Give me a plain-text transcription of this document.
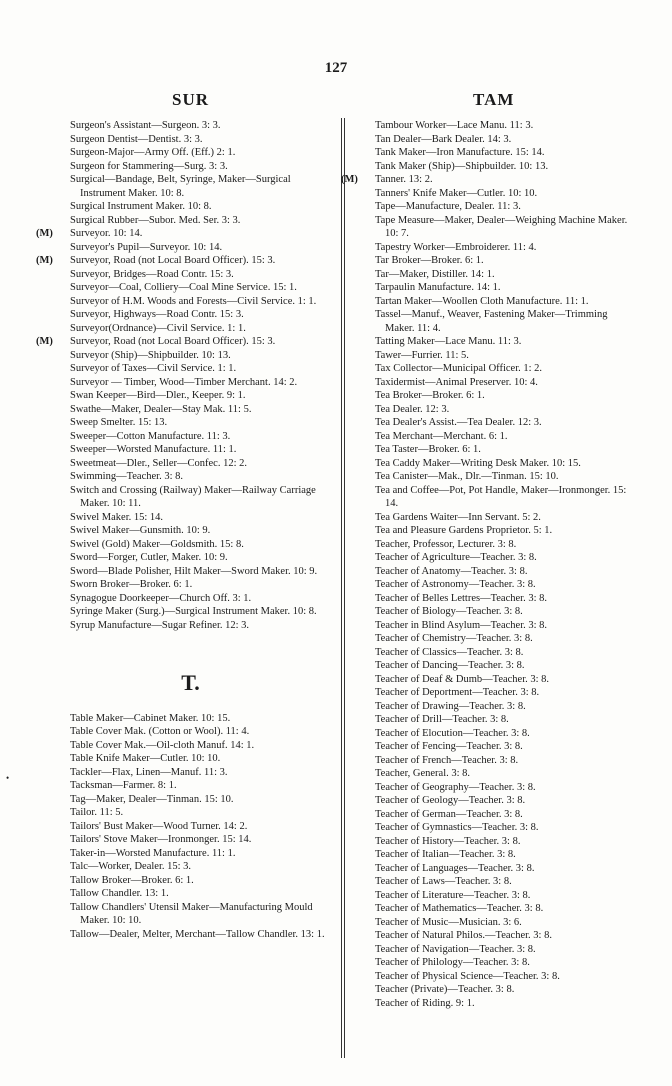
127
SUR	TAM
•
Surgeon's Assistant—Surgeon. 3: 3.
Surgeon Dentist—Dentist. 3: 3.
Surgeon-Major—Army Off. (Eff.) 2: 1.
Surgeon for Stammering—Surg. 3: 3.
Surgical—Bandage, Belt, Syringe, Maker—Surgical Instrument Maker. 10: 8.
Surgical Instrument Maker. 10: 8.
Surgical Rubber—Subor. Med. Ser. 3: 3.
(M) Surveyor. 10: 14.
Surveyor's Pupil—Surveyor. 10: 14.
(M) Surveyor, Road (not Local Board Officer). 15: 3.
Surveyor, Bridges—Road Contr. 15: 3.
Surveyor—Coal, Colliery—Coal Mine Service. 15: 1.
Surveyor of H.M. Woods and Forests—Civil Service. 1: 1.
Surveyor, Highways—Road Contr. 15: 3.
Surveyor(Ordnance)—Civil Service. 1: 1.
(M) Surveyor, Road (not Local Board Officer). 15: 3.
Surveyor (Ship)—Shipbuilder. 10: 13.
Surveyor of Taxes—Civil Service. 1: 1.
Surveyor — Timber, Wood—Timber Merchant. 14: 2.
Swan Keeper—Bird—Dler., Keeper. 9: 1.
Swathe—Maker, Dealer—Stay Mak. 11: 5.
Sweep Smelter. 15: 13.
Sweeper—Cotton Manufacture. 11: 3.
Sweeper—Worsted Manufacture. 11: 1.
Sweetmeat—Dler., Seller—Confec. 12: 2.
Swimming—Teacher. 3: 8.
Switch and Crossing (Railway) Maker—Railway Carriage Maker. 10: 11.
Swivel Maker. 15: 14.
Swivel Maker—Gunsmith. 10: 9.
Swivel (Gold) Maker—Goldsmith. 15: 8.
Sword—Forger, Cutler, Maker. 10: 9.
Sword—Blade Polisher, Hilt Maker—Sword Maker. 10: 9.
Sworn Broker—Broker. 6: 1.
Synagogue Doorkeeper—Church Off. 3: 1.
Syringe Maker (Surg.)—Surgical Instrument Maker. 10: 8.
Syrup Manufacture—Sugar Refiner. 12: 3.
T.
Table Maker—Cabinet Maker. 10: 15.
Table Cover Mak. (Cotton or Wool). 11: 4.
Table Cover Mak.—Oil-cloth Manuf. 14: 1.
Table Knife Maker—Cutler. 10: 10.
Tackler—Flax, Linen—Manuf. 11: 3.
Tacksman—Farmer. 8: 1.
Tag—Maker, Dealer—Tinman. 15: 10.
Tailor. 11: 5.
Tailors' Bust Maker—Wood Turner. 14: 2.
Tailors' Stove Maker—Ironmonger. 15: 14.
Taker-in—Worsted Manufacture. 11: 1.
Talc—Worker, Dealer. 15: 3.
Tallow Broker—Broker. 6: 1.
Tallow Chandler. 13: 1.
Tallow Chandlers' Utensil Maker—Manufacturing Mould Maker. 10: 10.
Tallow—Dealer, Melter, Merchant—Tallow Chandler. 13: 1.
Tambour Worker—Lace Manu. 11: 3.
Tan Dealer—Bark Dealer. 14: 3.
Tank Maker—Iron Manufacture. 15: 14.
Tank Maker (Ship)—Shipbuilder. 10: 13.
(M) Tanner. 13: 2.
Tanners' Knife Maker—Cutler. 10: 10.
Tape—Manufacture, Dealer. 11: 3.
Tape Measure—Maker, Dealer—Weighing Machine Maker. 10: 7.
Tapestry Worker—Embroiderer. 11: 4.
Tar Broker—Broker. 6: 1.
Tar—Maker, Distiller. 14: 1.
Tarpaulin Manufacture. 14: 1.
Tartan Maker—Woollen Cloth Manufacture. 11: 1.
Tassel—Manuf., Weaver, Fastening Maker—Trimming Maker. 11: 4.
Tatting Maker—Lace Manu. 11: 3.
Tawer—Furrier. 11: 5.
Tax Collector—Municipal Officer. 1: 2.
Taxidermist—Animal Preserver. 10: 4.
Tea Broker—Broker. 6: 1.
Tea Dealer. 12: 3.
Tea Dealer's Assist.—Tea Dealer. 12: 3.
Tea Merchant—Merchant. 6: 1.
Tea Taster—Broker. 6: 1.
Tea Caddy Maker—Writing Desk Maker. 10: 15.
Tea Canister—Mak., Dlr.—Tinman. 15: 10.
Tea and Coffee—Pot, Pot Handle, Maker—Ironmonger. 15: 14.
Tea Gardens Waiter—Inn Servant. 5: 2.
Tea and Pleasure Gardens Proprietor. 5: 1.
Teacher, Professor, Lecturer. 3: 8.
Teacher of Agriculture—Teacher. 3: 8.
Teacher of Anatomy—Teacher. 3: 8.
Teacher of Astronomy—Teacher. 3: 8.
Teacher of Belles Lettres—Teacher. 3: 8.
Teacher of Biology—Teacher. 3: 8.
Teacher in Blind Asylum—Teacher. 3: 8.
Teacher of Chemistry—Teacher. 3: 8.
Teacher of Classics—Teacher. 3: 8.
Teacher of Dancing—Teacher. 3: 8.
Teacher of Deaf & Dumb—Teacher. 3: 8.
Teacher of Deportment—Teacher. 3: 8.
Teacher of Drawing—Teacher. 3: 8.
Teacher of Drill—Teacher. 3: 8.
Teacher of Elocution—Teacher. 3: 8.
Teacher of Fencing—Teacher. 3: 8.
Teacher of French—Teacher. 3: 8.
Teacher, General. 3: 8.
Teacher of Geography—Teacher. 3: 8.
Teacher of Geology—Teacher. 3: 8.
Teacher of German—Teacher. 3: 8.
Teacher of Gymnastics—Teacher. 3: 8.
Teacher of History—Teacher. 3: 8.
Teacher of Italian—Teacher. 3: 8.
Teacher of Languages—Teacher. 3: 8.
Teacher of Laws—Teacher. 3: 8.
Teacher of Literature—Teacher. 3: 8.
Teacher of Mathematics—Teacher. 3: 8.
Teacher of Music—Musician. 3: 6.
Teacher of Natural Philos.—Teacher. 3: 8.
Teacher of Navigation—Teacher. 3: 8.
Teacher of Philology—Teacher. 3: 8.
Teacher of Physical Science—Teacher. 3: 8.
Teacher (Private)—Teacher. 3: 8.
Teacher of Riding. 9: 1.
